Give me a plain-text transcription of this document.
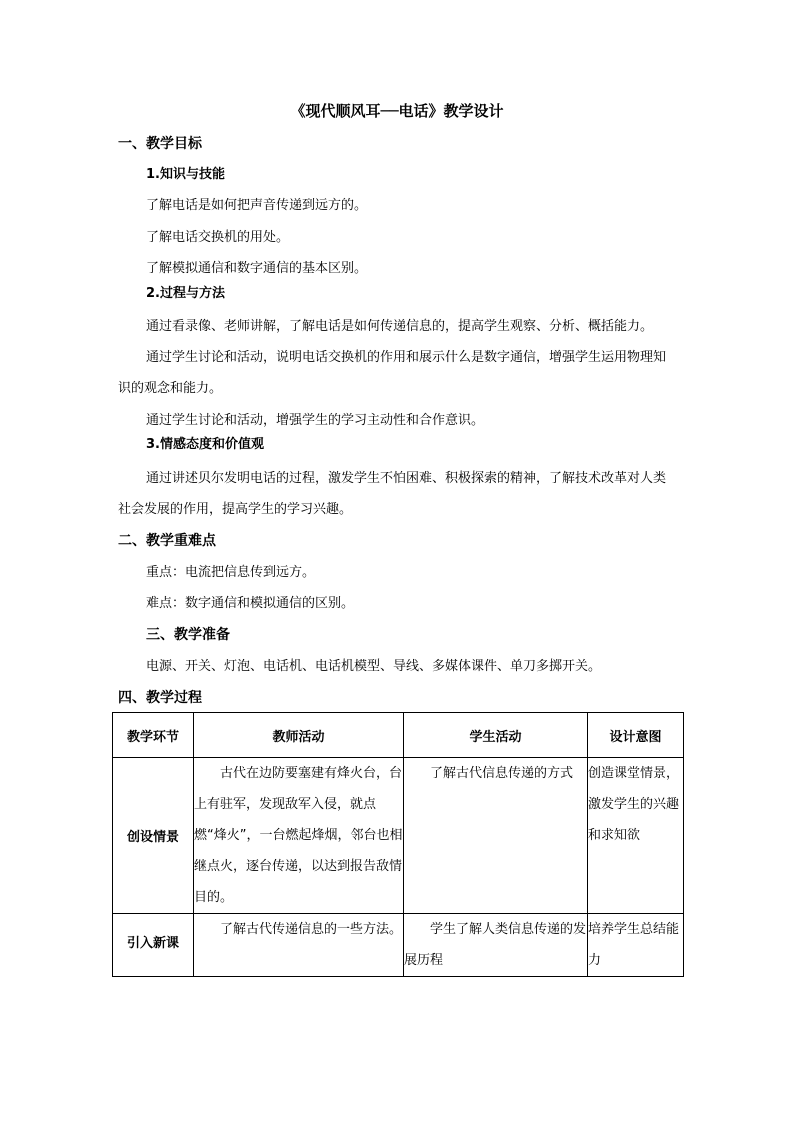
《现代顺风耳──电话》教学设计
一、教学目标
1.知识与技能
了解电话是如何把声音传递到远方的。
了解电话交换机的用处。
了解模拟通信和数字通信的基本区别。
2.过程与方法
通过看录像、老师讲解，了解电话是如何传递信息的，提高学生观察、分析、概括能力。
通过学生讨论和活动，说明电话交换机的作用和展示什么是数字通信，增强学生运用物理知识的观念和能力。
通过学生讨论和活动，增强学生的学习主动性和合作意识。
3.情感态度和价值观
通过讲述贝尔发明电话的过程，激发学生不怕困难、积极探索的精神，了解技术改革对人类社会发展的作用，提高学生的学习兴趣。
二、教学重难点
重点：电流把信息传到远方。
难点：数字通信和模拟通信的区别。
三、教学准备
电源、开关、灯泡、电话机、电话机模型、导线、多媒体课件、单刀多掷开关。
四、教学过程
教学环节	教师活动	学生活动	设计意图
创设情景	古代在边防要塞建有烽火台，台上有驻军，发现敌军入侵，就点燃“烽火”，一台燃起烽烟，邻台也相继点火，逐台传递，以达到报告敌情目的。	了解古代信息传递的方式	创造课堂情景，激发学生的兴趣和求知欲
引入新课	了解古代传递信息的一些方法。	学生了解人类信息传递的发展历程	培养学生总结能力
